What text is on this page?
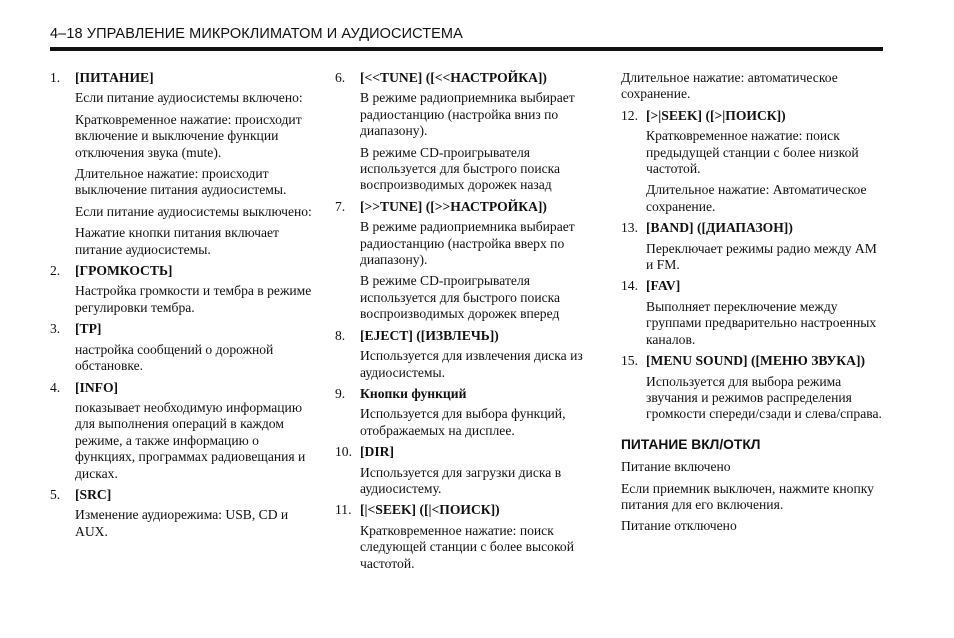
4–18 УПРАВЛЕНИЕ МИКРОКЛИМАТОМ И АУДИОСИСТЕМА
1. [ПИТАНИЕ]
Если питание аудиосистемы включено:
Кратковременное нажатие: происходит включение и выключение функции отключения звука (mute).
Длительное нажатие: происходит выключение питания аудиосистемы.
Если питание аудиосистемы выключено:
Нажатие кнопки питания включает питание аудиосистемы.
2. [ГРОМКОСТЬ]
Настройка громкости и тембра в режиме регулировки тембра.
3. [TP]
настройка сообщений о дорожной обстановке.
4. [INFO]
показывает необходимую информацию для выполнения операций в каждом режиме, а также информацию о функциях, программах радиовещания и дисках.
5. [SRC]
Изменение аудиорежима: USB, CD и AUX.
6. [<<TUNE] ([<<НАСТРОЙКА])
В режиме радиоприемника выбирает радиостанцию (настройка вниз по диапазону).
В режиме CD-проигрывателя используется для быстрого поиска воспроизводимых дорожек назад
7. [>>TUNE] ([>>НАСТРОЙКА])
В режиме радиоприемника выбирает радиостанцию (настройка вверх по диапазону).
В режиме CD-проигрывателя используется для быстрого поиска воспроизводимых дорожек вперед
8. [EJECT] ([ИЗВЛЕЧЬ])
Используется для извлечения диска из аудиосистемы.
9. Кнопки функций
Используется для выбора функций, отображаемых на дисплее.
10. [DIR]
Используется для загрузки диска в аудиосистему.
11. [|<SEEK] ([|<ПОИСК])
Кратковременное нажатие: поиск следующей станции с более высокой частотой.
Длительное нажатие: автоматическое сохранение.
12. [>|SEEK] ([>|ПОИСК])
Кратковременное нажатие: поиск предыдущей станции с более низкой частотой.
Длительное нажатие: Автоматическое сохранение.
13. [BAND] ([ДИАПАЗОН])
Переключает режимы радио между AM и FM.
14. [FAV]
Выполняет переключение между группами предварительно настроенных каналов.
15. [MENU SOUND] ([МЕНЮ ЗВУКА])
Используется для выбора режима звучания и режимов распределения громкости спереди/сзади и слева/справа.
ПИТАНИЕ ВКЛ/ОТКЛ
Питание включено
Если приемник выключен, нажмите кнопку питания для его включения.
Питание отключено
